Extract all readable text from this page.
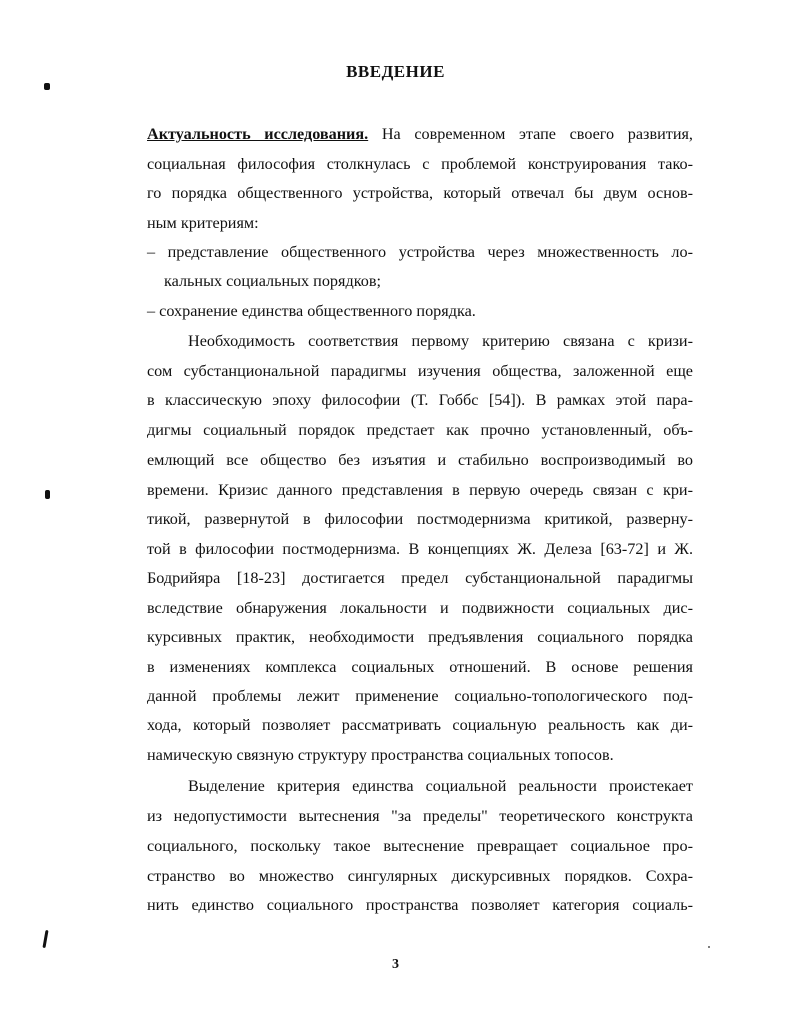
ВВЕДЕНИЕ
Актуальность исследования. На современном этапе своего развития,
социальная философия столкнулась с проблемой конструирования тако-
го порядка общественного устройства, который отвечал бы двум основ-
ным критериям:
– представление общественного устройства через множественность ло-
кальных социальных порядков;
– сохранение единства общественного порядка.
Необходимость соответствия первому критерию связана с кризи-
сом субстанциональной парадигмы изучения общества, заложенной еще
в классическую эпоху философии (Т. Гоббс [54]). В рамках этой пара-
дигмы социальный порядок предстает как прочно установленный, объ-
емлющий все общество без изъятия и стабильно воспроизводимый во
времени. Кризис данного представления в первую очередь связан с кри-
тикой, развернутой в философии постмодернизма критикой, разверну-
той в философии постмодернизма. В концепциях Ж. Делеза [63-72] и Ж.
Бодрийяра [18-23] достигается предел субстанциональной парадигмы
вследствие обнаружения локальности и подвижности социальных дис-
курсивных практик, необходимости предъявления социального порядка
в изменениях комплекса социальных отношений. В основе решения
данной проблемы лежит применение социально-топологического под-
хода, который позволяет рассматривать социальную реальность как ди-
намическую связную структуру пространства социальных топосов.
Выделение критерия единства социальной реальности проистекает
из недопустимости вытеснения "за пределы" теоретического конструкта
социального, поскольку такое вытеснение превращает социальное про-
странство во множество сингулярных дискурсивных порядков. Сохра-
нить единство социального пространства позволяет категория социаль-
3
